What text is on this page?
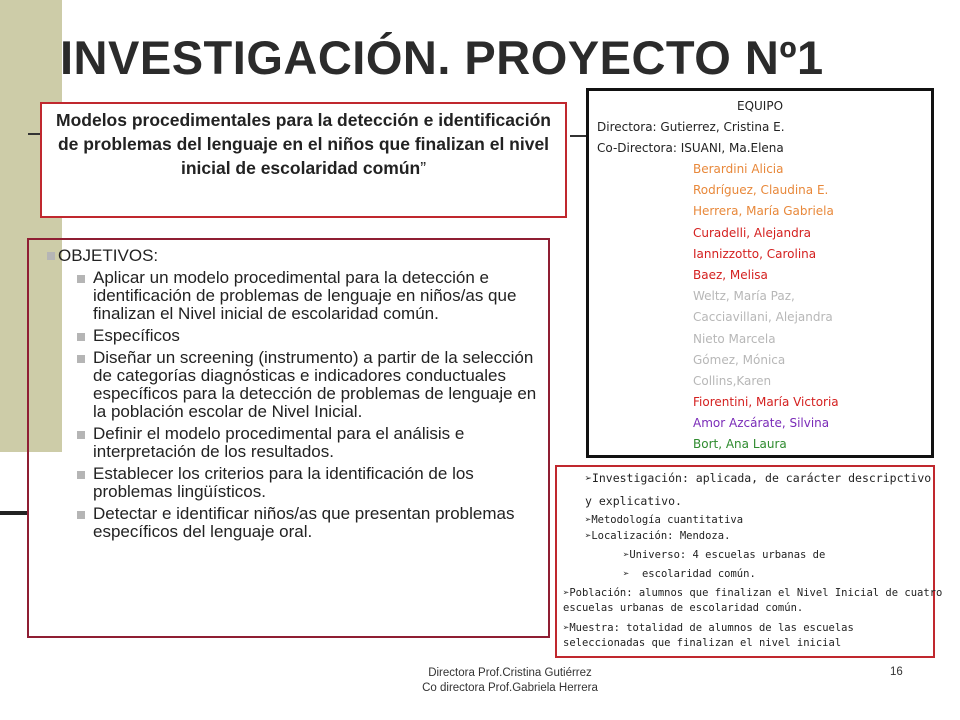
INVESTIGACIÓN. PROYECTO Nº1
Modelos procedimentales para la detección e identificación de problemas del lenguaje en el niños que finalizan el nivel inicial de escolaridad común”
OBJETIVOS:
Aplicar un modelo procedimental para la detección e identificación de problemas de lenguaje en niños/as que finalizan el Nivel inicial de escolaridad común.
Específicos
Diseñar un screening (instrumento) a partir de la selección de categorías diagnósticas e indicadores conductuales específicos para la detección de problemas de lenguaje en la población escolar de Nivel Inicial.
Definir el modelo procedimental para el análisis e interpretación de los resultados.
Establecer los criterios para la identificación de los problemas lingüísticos.
Detectar e identificar niños/as que presentan problemas específicos del lenguaje oral.
EQUIPO
Directora: Gutierrez, Cristina E.
Co-Directora: ISUANI, Ma.Elena
Berardini Alicia
Rodríguez, Claudina E.
Herrera, María Gabriela
Curadelli, Alejandra
Iannizzotto, Carolina
Baez, Melisa
Weltz, María Paz,
Cacciavillani, Alejandra
Nieto Marcela
Gómez, Mónica
Collins,Karen
Fiorentini, María Victoria
Amor Azcárate, Silvina
Bort, Ana Laura
➢Investigación: aplicada, de carácter descripctivo
y explicativo.
➢Metodología cuantitativa
➢Localización: Mendoza.
➢Universo: 4 escuelas urbanas de
➢ escolaridad común.
➢Población: alumnos que finalizan el Nivel Inicial de cuatro
escuelas urbanas de escolaridad común.
➢Muestra: totalidad de alumnos de las escuelas
seleccionadas que finalizan el nivel inicial
Directora Prof.Cristina Gutiérrez
Co directora Prof.Gabriela Herrera
16
